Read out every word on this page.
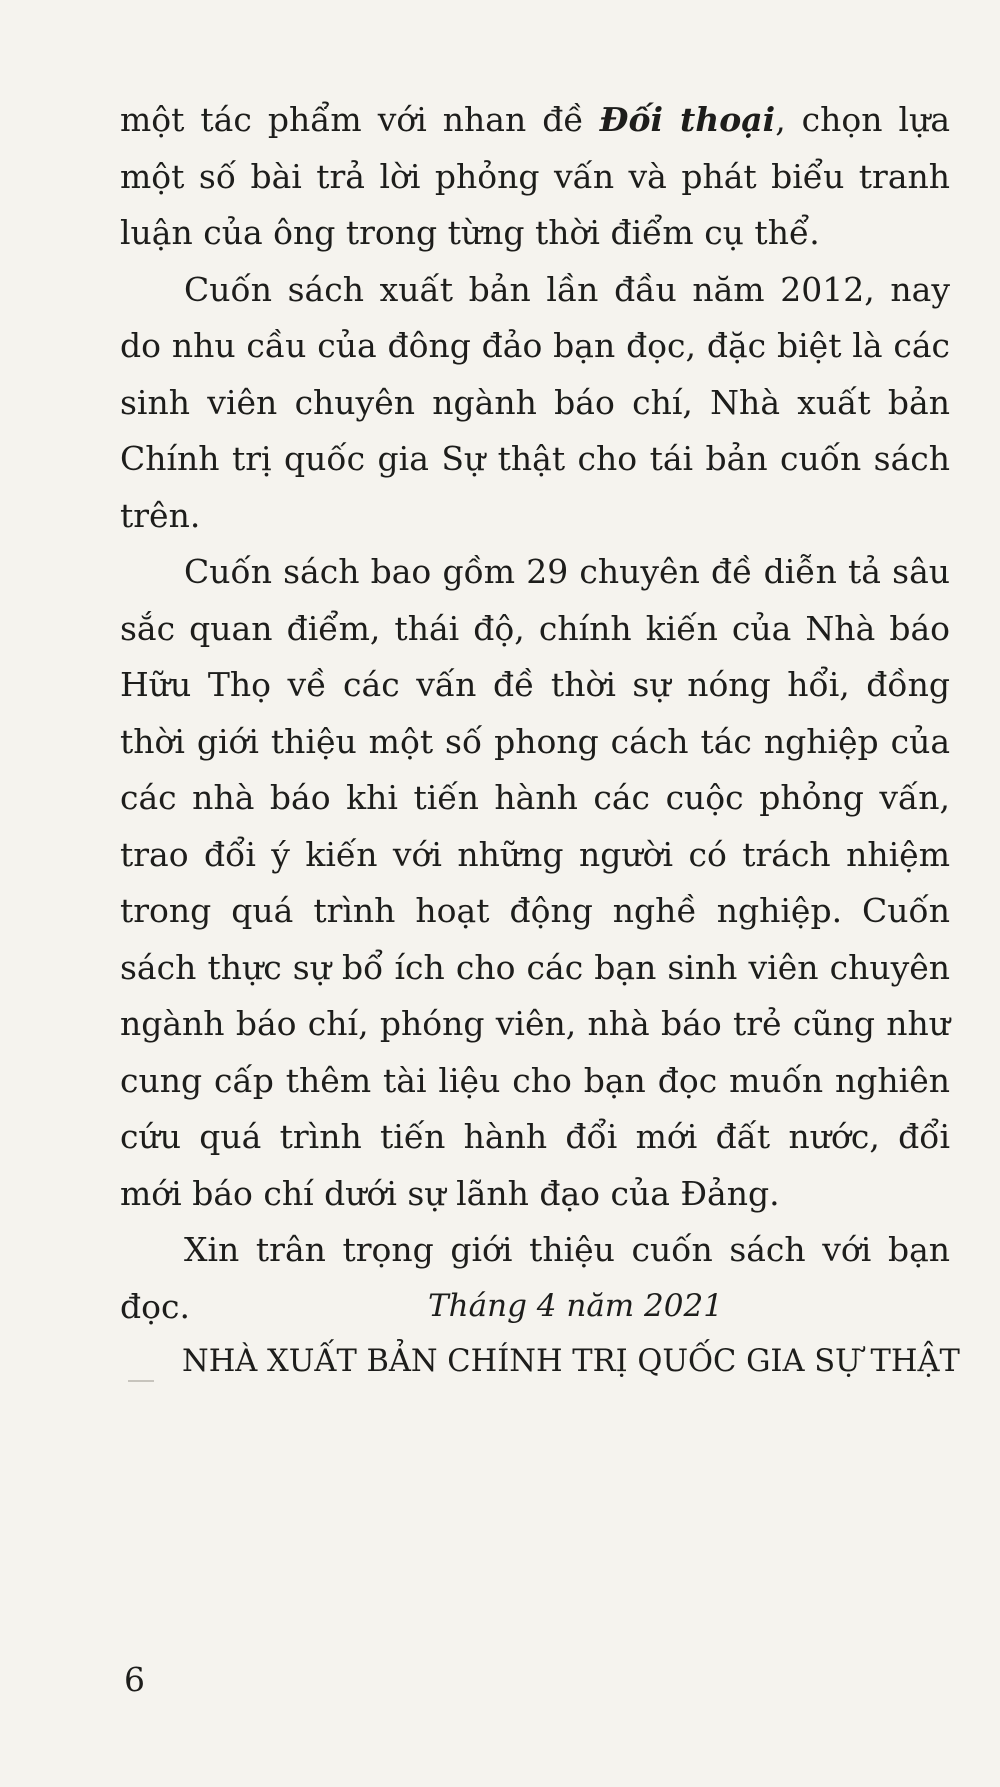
một tác phẩm với nhan đề Đối thoại, chọn lựa một số bài trả lời phỏng vấn và phát biểu tranh luận của ông trong từng thời điểm cụ thể.

Cuốn sách xuất bản lần đầu năm 2012, nay do nhu cầu của đông đảo bạn đọc, đặc biệt là các sinh viên chuyên ngành báo chí, Nhà xuất bản Chính trị quốc gia Sự thật cho tái bản cuốn sách trên.

Cuốn sách bao gồm 29 chuyên đề diễn tả sâu sắc quan điểm, thái độ, chính kiến của Nhà báo Hữu Thọ về các vấn đề thời sự nóng hổi, đồng thời giới thiệu một số phong cách tác nghiệp của các nhà báo khi tiến hành các cuộc phỏng vấn, trao đổi ý kiến với những người có trách nhiệm trong quá trình hoạt động nghề nghiệp. Cuốn sách thực sự bổ ích cho các bạn sinh viên chuyên ngành báo chí, phóng viên, nhà báo trẻ cũng như cung cấp thêm tài liệu cho bạn đọc muốn nghiên cứu quá trình tiến hành đổi mới đất nước, đổi mới báo chí dưới sự lãnh đạo của Đảng.

Xin trân trọng giới thiệu cuốn sách với bạn đọc.	Tháng 4 năm 2021
NHÀ XUẤT BẢN CHÍNH TRỊ QUỐC GIA SỰ THẬT
6
